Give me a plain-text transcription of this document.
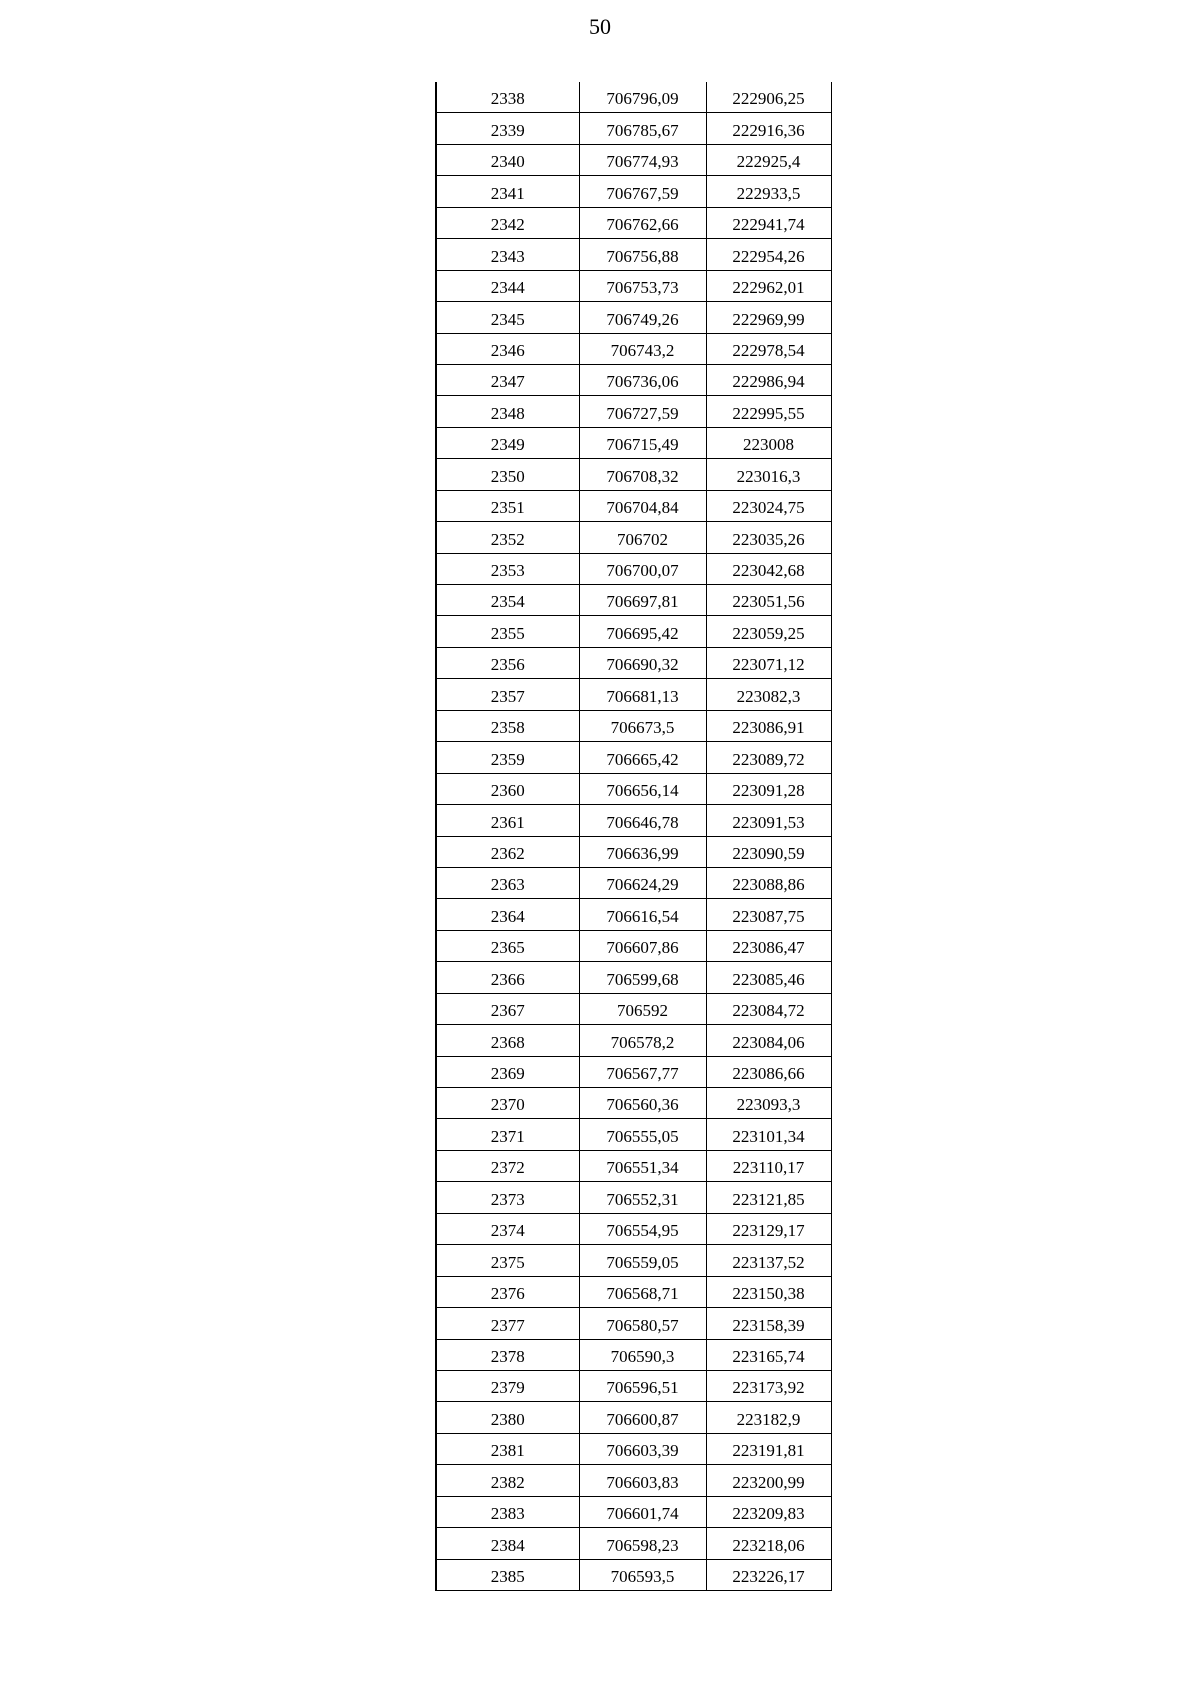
50
2338	706796,09	222906,25
2339	706785,67	222916,36
2340	706774,93	222925,4
2341	706767,59	222933,5
2342	706762,66	222941,74
2343	706756,88	222954,26
2344	706753,73	222962,01
2345	706749,26	222969,99
2346	706743,2	222978,54
2347	706736,06	222986,94
2348	706727,59	222995,55
2349	706715,49	223008
2350	706708,32	223016,3
2351	706704,84	223024,75
2352	706702	223035,26
2353	706700,07	223042,68
2354	706697,81	223051,56
2355	706695,42	223059,25
2356	706690,32	223071,12
2357	706681,13	223082,3
2358	706673,5	223086,91
2359	706665,42	223089,72
2360	706656,14	223091,28
2361	706646,78	223091,53
2362	706636,99	223090,59
2363	706624,29	223088,86
2364	706616,54	223087,75
2365	706607,86	223086,47
2366	706599,68	223085,46
2367	706592	223084,72
2368	706578,2	223084,06
2369	706567,77	223086,66
2370	706560,36	223093,3
2371	706555,05	223101,34
2372	706551,34	223110,17
2373	706552,31	223121,85
2374	706554,95	223129,17
2375	706559,05	223137,52
2376	706568,71	223150,38
2377	706580,57	223158,39
2378	706590,3	223165,74
2379	706596,51	223173,92
2380	706600,87	223182,9
2381	706603,39	223191,81
2382	706603,83	223200,99
2383	706601,74	223209,83
2384	706598,23	223218,06
2385	706593,5	223226,17
